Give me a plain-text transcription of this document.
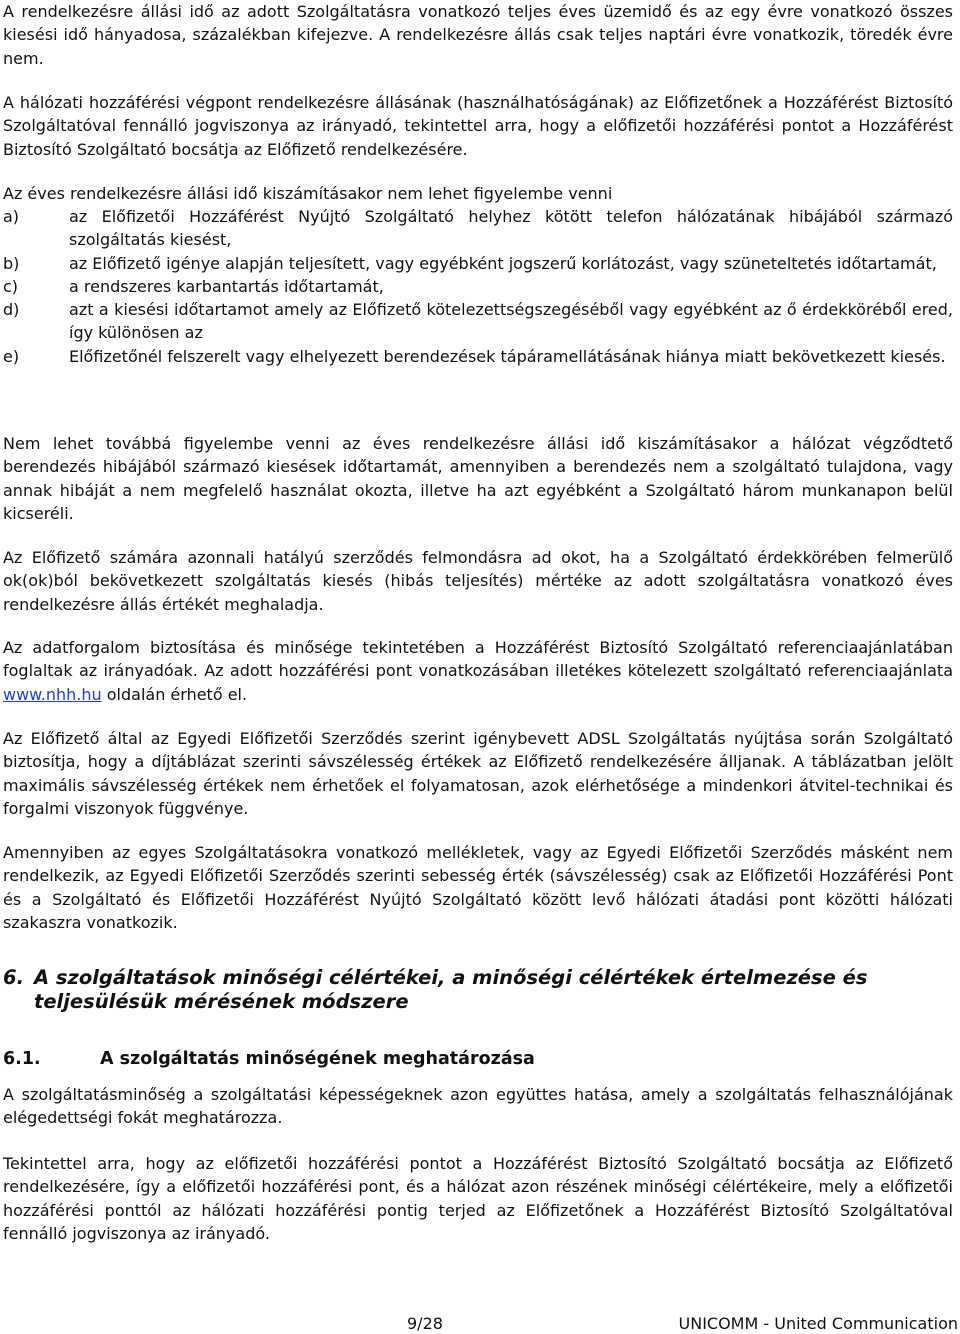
A rendelkezésre állási idő az adott Szolgáltatásra vonatkozó teljes éves üzemidő és az egy évre vonatkozó összes kiesési idő hányadosa, százalékban kifejezve. A rendelkezésre állás csak teljes naptári évre vonatkozik, töredék évre nem.

A hálózati hozzáférési végpont rendelkezésre állásának (használhatóságának) az Előfizetőnek a Hozzáférést Biztosító Szolgáltatóval fennálló jogviszonya az irányadó, tekintettel arra, hogy a előfizetői hozzáférési pontot a Hozzáférést Biztosító Szolgáltató bocsátja az Előfizető rendelkezésére.

Az éves rendelkezésre állási idő kiszámításakor nem lehet figyelembe venni

a)	az Előfizetői Hozzáférést Nyújtó Szolgáltató helyhez kötött telefon hálózatának hibájából származó szolgáltatás kiesést,
b)	az Előfizető igénye alapján teljesített, vagy egyébként jogszerű korlátozást, vagy szüneteltetés időtartamát,
c)	a rendszeres karbantartás időtartamát,
d)	azt a kiesési időtartamot amely az Előfizető kötelezettségszegéséből vagy egyébként az ő érdekköréből ered, így különösen az
e)	Előfizetőnél felszerelt vagy elhelyezett berendezések tápáramellátásának hiánya miatt bekövetkezett kiesés.

Nem lehet továbbá figyelembe venni az éves rendelkezésre állási idő kiszámításakor a hálózat végződtető berendezés hibájából származó kiesések időtartamát, amennyiben a berendezés nem a szolgáltató tulajdona, vagy annak hibáját a nem megfelelő használat okozta, illetve ha azt egyébként a Szolgáltató három munkanapon belül kicseréli.

Az Előfizető számára azonnali hatályú szerződés felmondásra ad okot, ha a Szolgáltató érdekkörében felmerülő ok(ok)ból bekövetkezett szolgáltatás kiesés (hibás teljesítés) mértéke az adott szolgáltatásra vonatkozó éves rendelkezésre állás értékét meghaladja.

Az adatforgalom biztosítása és minősége tekintetében a Hozzáférést Biztosító Szolgáltató referenciaajánlatában foglaltak az irányadóak. Az adott hozzáférési pont vonatkozásában illetékes kötelezett szolgáltató referenciaajánlata www.nhh.hu oldalán érhető el.

Az Előfizető által az Egyedi Előfizetői Szerződés szerint igénybevett ADSL Szolgáltatás nyújtása során Szolgáltató biztosítja, hogy a díjtáblázat szerinti sávszélesség értékek az Előfizető rendelkezésére álljanak. A táblázatban jelölt maximális sávszélesség értékek nem érhetőek el folyamatosan, azok elérhetősége a mindenkori átvitel-technikai és forgalmi viszonyok függvénye.

Amennyiben az egyes Szolgáltatásokra vonatkozó mellékletek, vagy az Egyedi Előfizetői Szerződés másként nem rendelkezik, az Egyedi Előfizetői Szerződés szerinti sebesség érték (sávszélesség) csak az Előfizetői Hozzáférési Pont és a Szolgáltató és Előfizetői Hozzáférést Nyújtó Szolgáltató között levő hálózati átadási pont közötti hálózati szakaszra vonatkozik.

6. A szolgáltatások minőségi célértékei, a minőségi célértékek értelmezése és
teljesülésük mérésének módszere
6.1.	A szolgáltatás minőségének meghatározása

A szolgáltatásminőség a szolgáltatási képességeknek azon együttes hatása, amely a szolgáltatás felhasználójának elégedettségi fokát meghatározza.

Tekintettel arra, hogy az előfizetői hozzáférési pontot a Hozzáférést Biztosító Szolgáltató bocsátja az Előfizető rendelkezésére, így a előfizetői hozzáférési pont, és a hálózat azon részének minőségi célértékeire, mely a előfizetői hozzáférési ponttól az hálózati hozzáférési pontig terjed az Előfizetőnek a Hozzáférést Biztosító Szolgáltatóval fennálló jogviszonya az irányadó.

9/28	UNICOMM - United Communication
